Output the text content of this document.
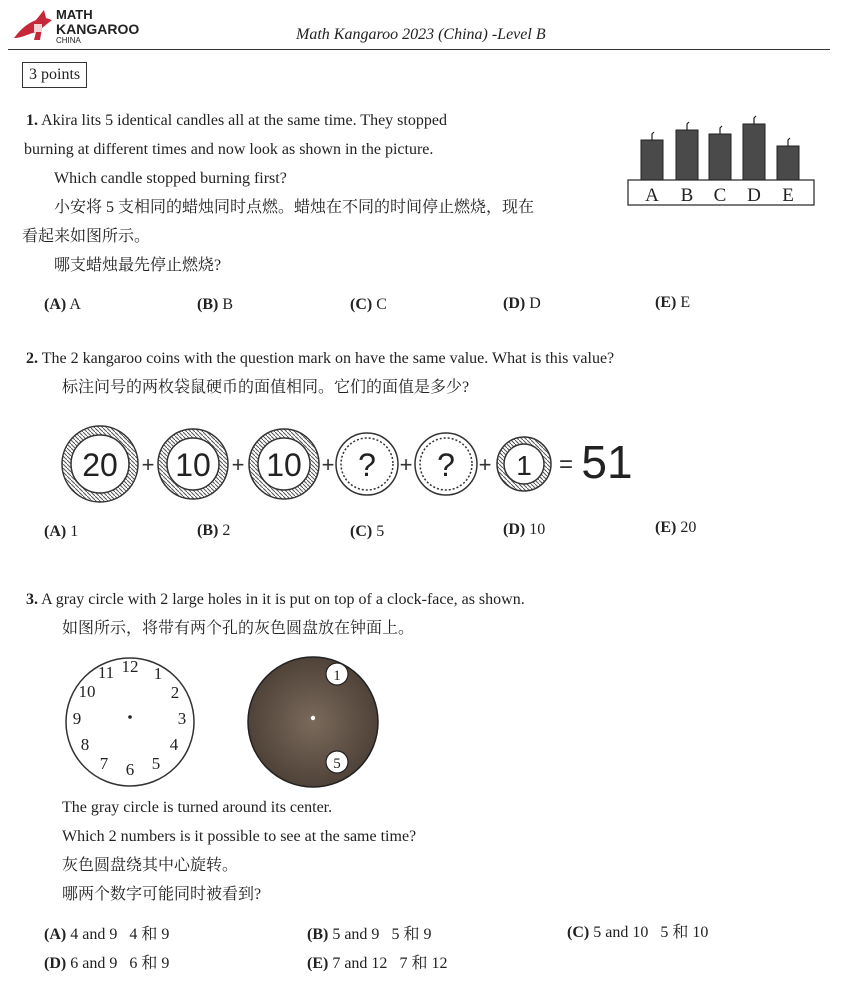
MATH
KANGAROO
CHINA	Math Kangaroo 2023 (China) -Level B
3 points
1. Akira lits 5 identical candles all at the same time. They stopped
burning at different times and now look as shown in the picture.
Which candle stopped burning first?
小安将 5 支相同的蜡烛同时点燃。蜡烛在不同的时间停止燃烧，现在
看起来如图所示。
哪支蜡烛最先停止燃烧?
A B C D E
(A) A	(B) B	(C) C	(D) D	(E) E
2. The 2 kangaroo coins with the question mark on have the same value. What is this value?
标注问号的两枚袋鼠硬币的面值相同。它们的面值是多少?
20 + 10 + 10 + ? + ? + 1 = 51
(A) 1	(B) 2	(C) 5	(D) 10	(E) 20
3. A gray circle with 2 large holes in it is put on top of a clock-face, as shown.
如图所示，将带有两个孔的灰色圆盘放在钟面上。
12 1
2
3
4
5
6
7
8
9
10
11	1
5
The gray circle is turned around its center.
Which 2 numbers is it possible to see at the same time?
灰色圆盘绕其中心旋转。
哪两个数字可能同时被看到?
(A) 4 and 9 4 和 9	(B) 5 and 9 5 和 9	(C) 5 and 10 5 和 10
(D) 6 and 9 6 和 9	(E) 7 and 12 7 和 12
